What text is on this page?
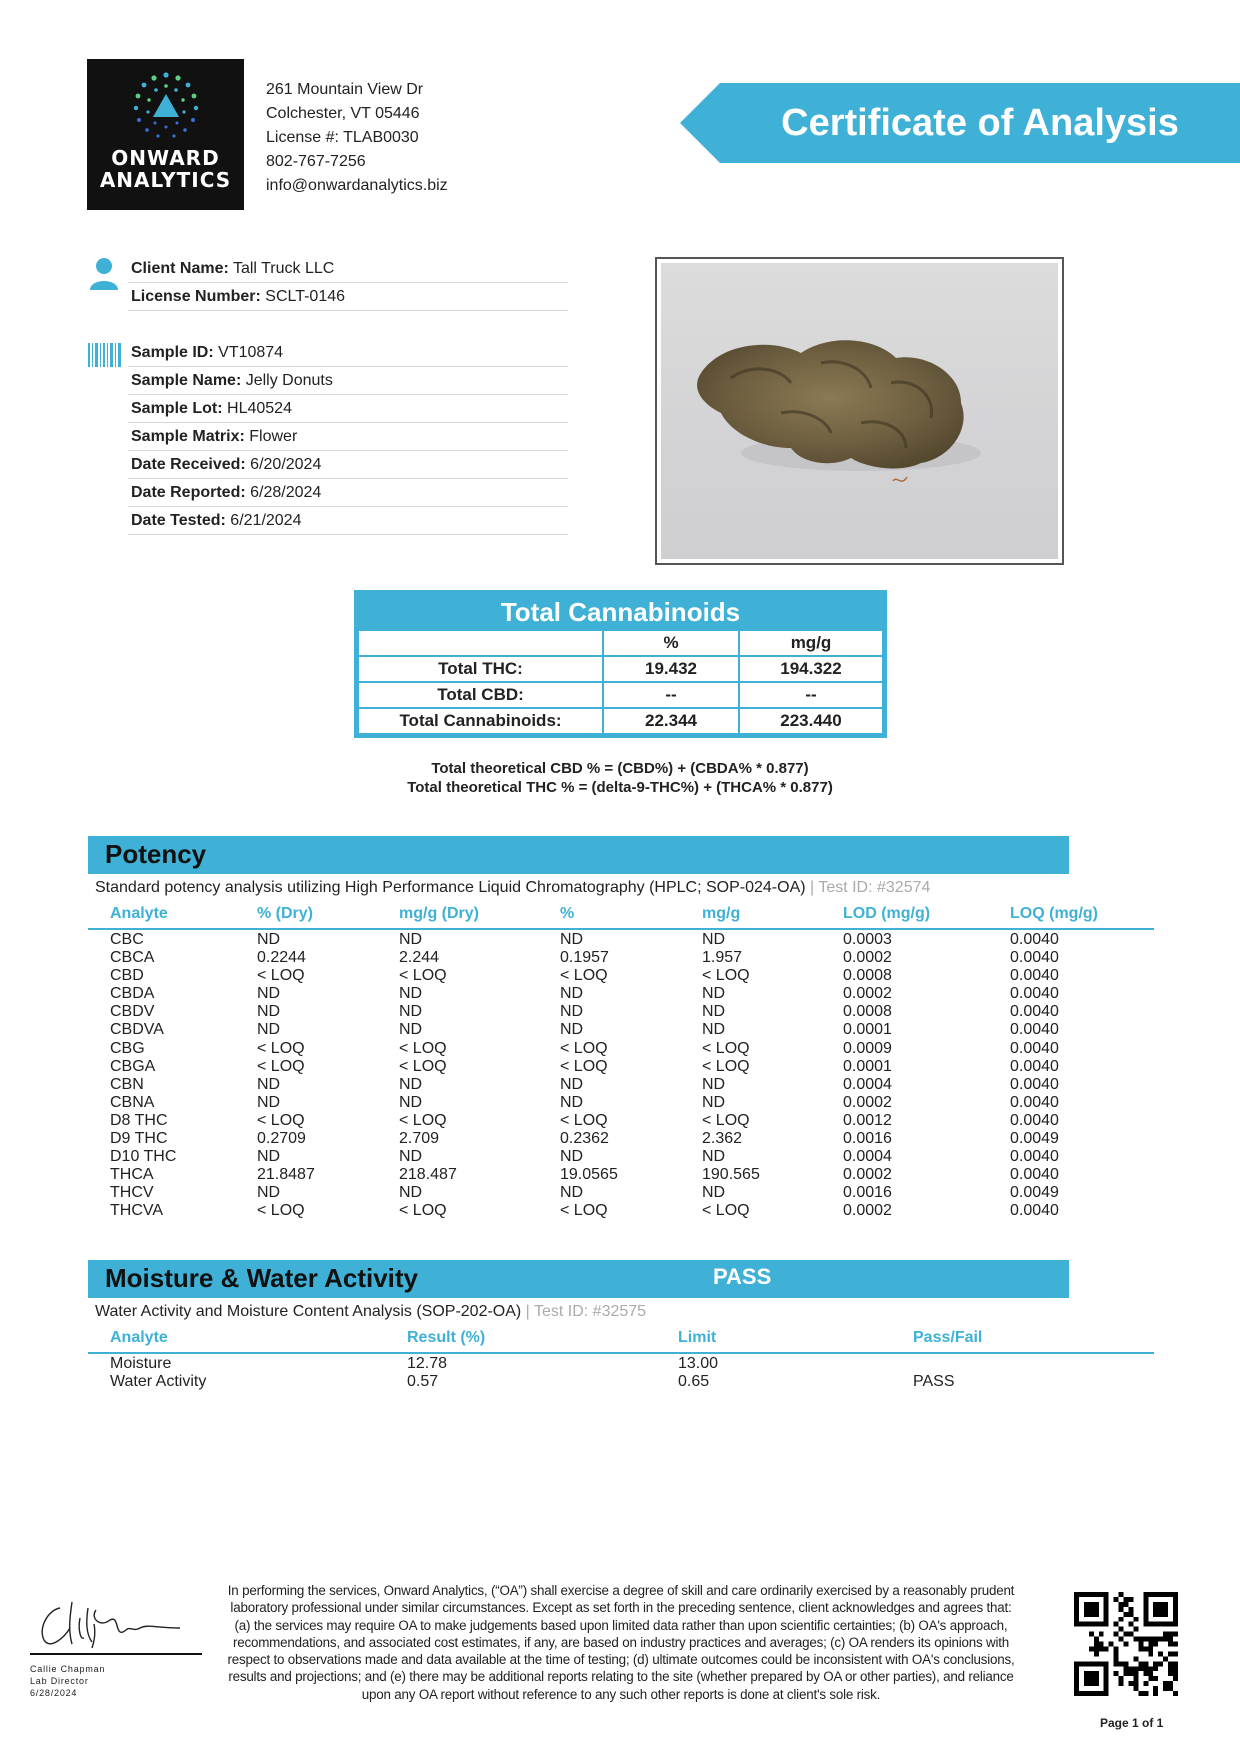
ONWARD
ANALYTICS
261 Mountain View Dr
Colchester, VT 05446
License #: TLAB0030
802-767-7256
info@onwardanalytics.biz
Certificate of Analysis
Client Name: Tall Truck LLC
License Number: SCLT-0146
Sample ID: VT10874
Sample Name: Jelly Donuts
Sample Lot: HL40524
Sample Matrix: Flower
Date Received: 6/20/2024
Date Reported: 6/28/2024
Date Tested: 6/21/2024
Total Cannabinoids
	%	mg/g
Total THC:	19.432	194.322
Total CBD:	--	--
Total Cannabinoids:	22.344	223.440
Total theoretical CBD % = (CBD%) + (CBDA% * 0.877)
Total theoretical THC % = (delta-9-THC%) + (THCA% * 0.877)
Potency
Standard potency analysis utilizing High Performance Liquid Chromatography (HPLC; SOP-024-OA) | Test ID: #32574
Analyte	% (Dry)	mg/g (Dry)	%	mg/g	LOD (mg/g)	LOQ (mg/g)
CBC	ND	ND	ND	ND	0.0003	0.0040
CBCA	0.2244	2.244	0.1957	1.957	0.0002	0.0040
CBD	< LOQ	< LOQ	< LOQ	< LOQ	0.0008	0.0040
CBDA	ND	ND	ND	ND	0.0002	0.0040
CBDV	ND	ND	ND	ND	0.0008	0.0040
CBDVA	ND	ND	ND	ND	0.0001	0.0040
CBG	< LOQ	< LOQ	< LOQ	< LOQ	0.0009	0.0040
CBGA	< LOQ	< LOQ	< LOQ	< LOQ	0.0001	0.0040
CBN	ND	ND	ND	ND	0.0004	0.0040
CBNA	ND	ND	ND	ND	0.0002	0.0040
D8 THC	< LOQ	< LOQ	< LOQ	< LOQ	0.0012	0.0040
D9 THC	0.2709	2.709	0.2362	2.362	0.0016	0.0049
D10 THC	ND	ND	ND	ND	0.0004	0.0040
THCA	21.8487	218.487	19.0565	190.565	0.0002	0.0040
THCV	ND	ND	ND	ND	0.0016	0.0049
THCVA	< LOQ	< LOQ	< LOQ	< LOQ	0.0002	0.0040
Moisture & Water Activity	PASS
Water Activity and Moisture Content Analysis (SOP-202-OA) | Test ID: #32575
Analyte	Result (%)	Limit	Pass/Fail
Moisture	12.78	13.00
Water Activity	0.57	0.65	PASS
Callie Chapman
Lab Director
6/28/2024
In performing the services, Onward Analytics, (“OA”) shall exercise a degree of skill and care ordinarily exercised by a reasonably prudent laboratory professional under similar circumstances. Except as set forth in the preceding sentence, client acknowledges and agrees that: (a) the services may require OA to make judgements based upon limited data rather than upon scientific certainties; (b) OA's approach, recommendations, and associated cost estimates, if any, are based on industry practices and averages; (c) OA renders its opinions with respect to observations made and data available at the time of testing; (d) ultimate outcomes could be inconsistent with OA's conclusions, results and projections; and (e) there may be additional reports relating to the site (whether prepared by OA or other parties), and reliance upon any OA report without reference to any such other reports is done at client's sole risk.
Page 1 of 1
